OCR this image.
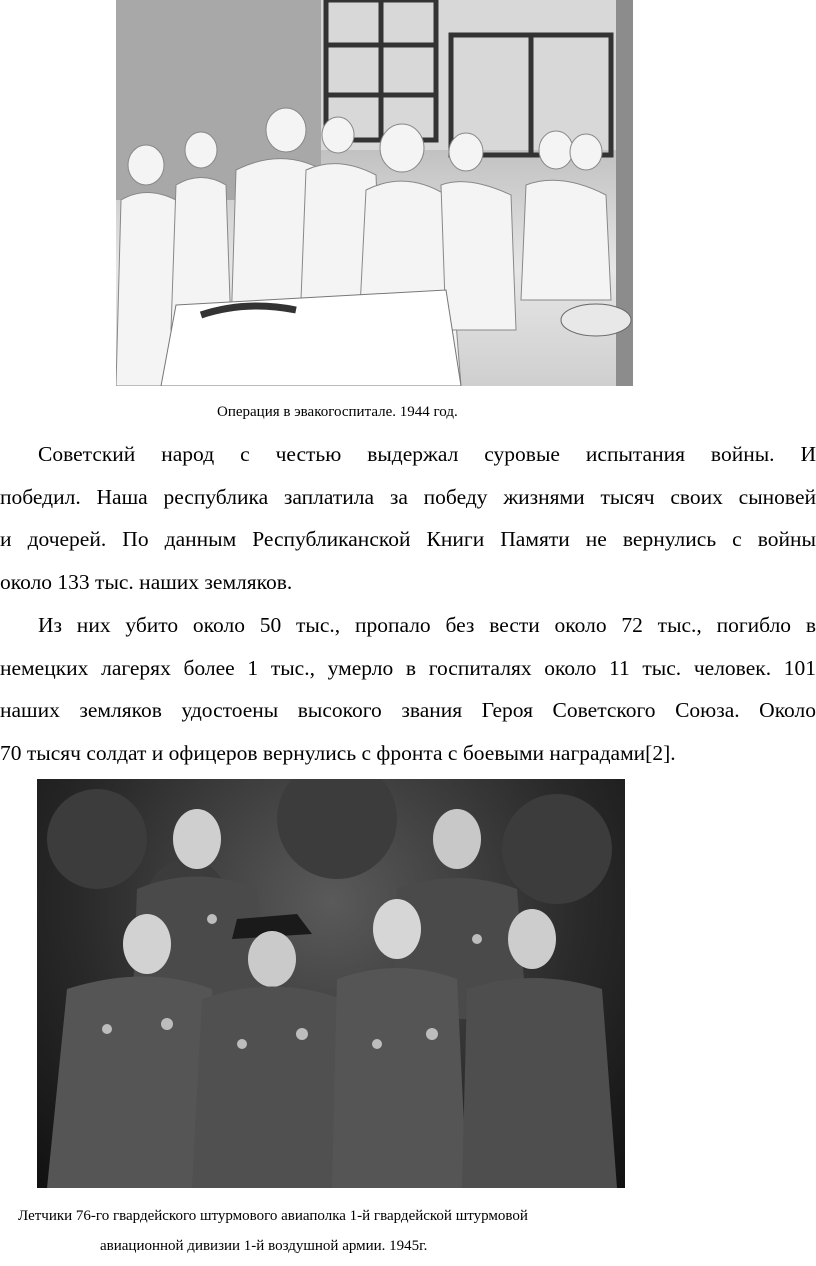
Операция в эвакогоспитале. 1944 год.
Советский народ с честью выдержал суровые испытания войны. И
победил. Наша республика заплатила за победу жизнями тысяч своих сыновей
и дочерей. По данным Республиканской Книги Памяти не вернулись с войны
около 133 тыс. наших земляков.
Из них убито около 50 тыс., пропало без вести около 72 тыс., погибло в
немецких лагерях более 1 тыс., умерло в госпиталях около 11 тыс. человек. 101
наших земляков удостоены высокого звания Героя Советского Союза. Около
70 тысяч солдат и офицеров вернулись с фронта с боевыми наградами[2].
Летчики 76-го гвардейского штурмового авиаполка 1-й гвардейской штурмовой
авиационной дивизии 1-й воздушной армии. 1945г.
